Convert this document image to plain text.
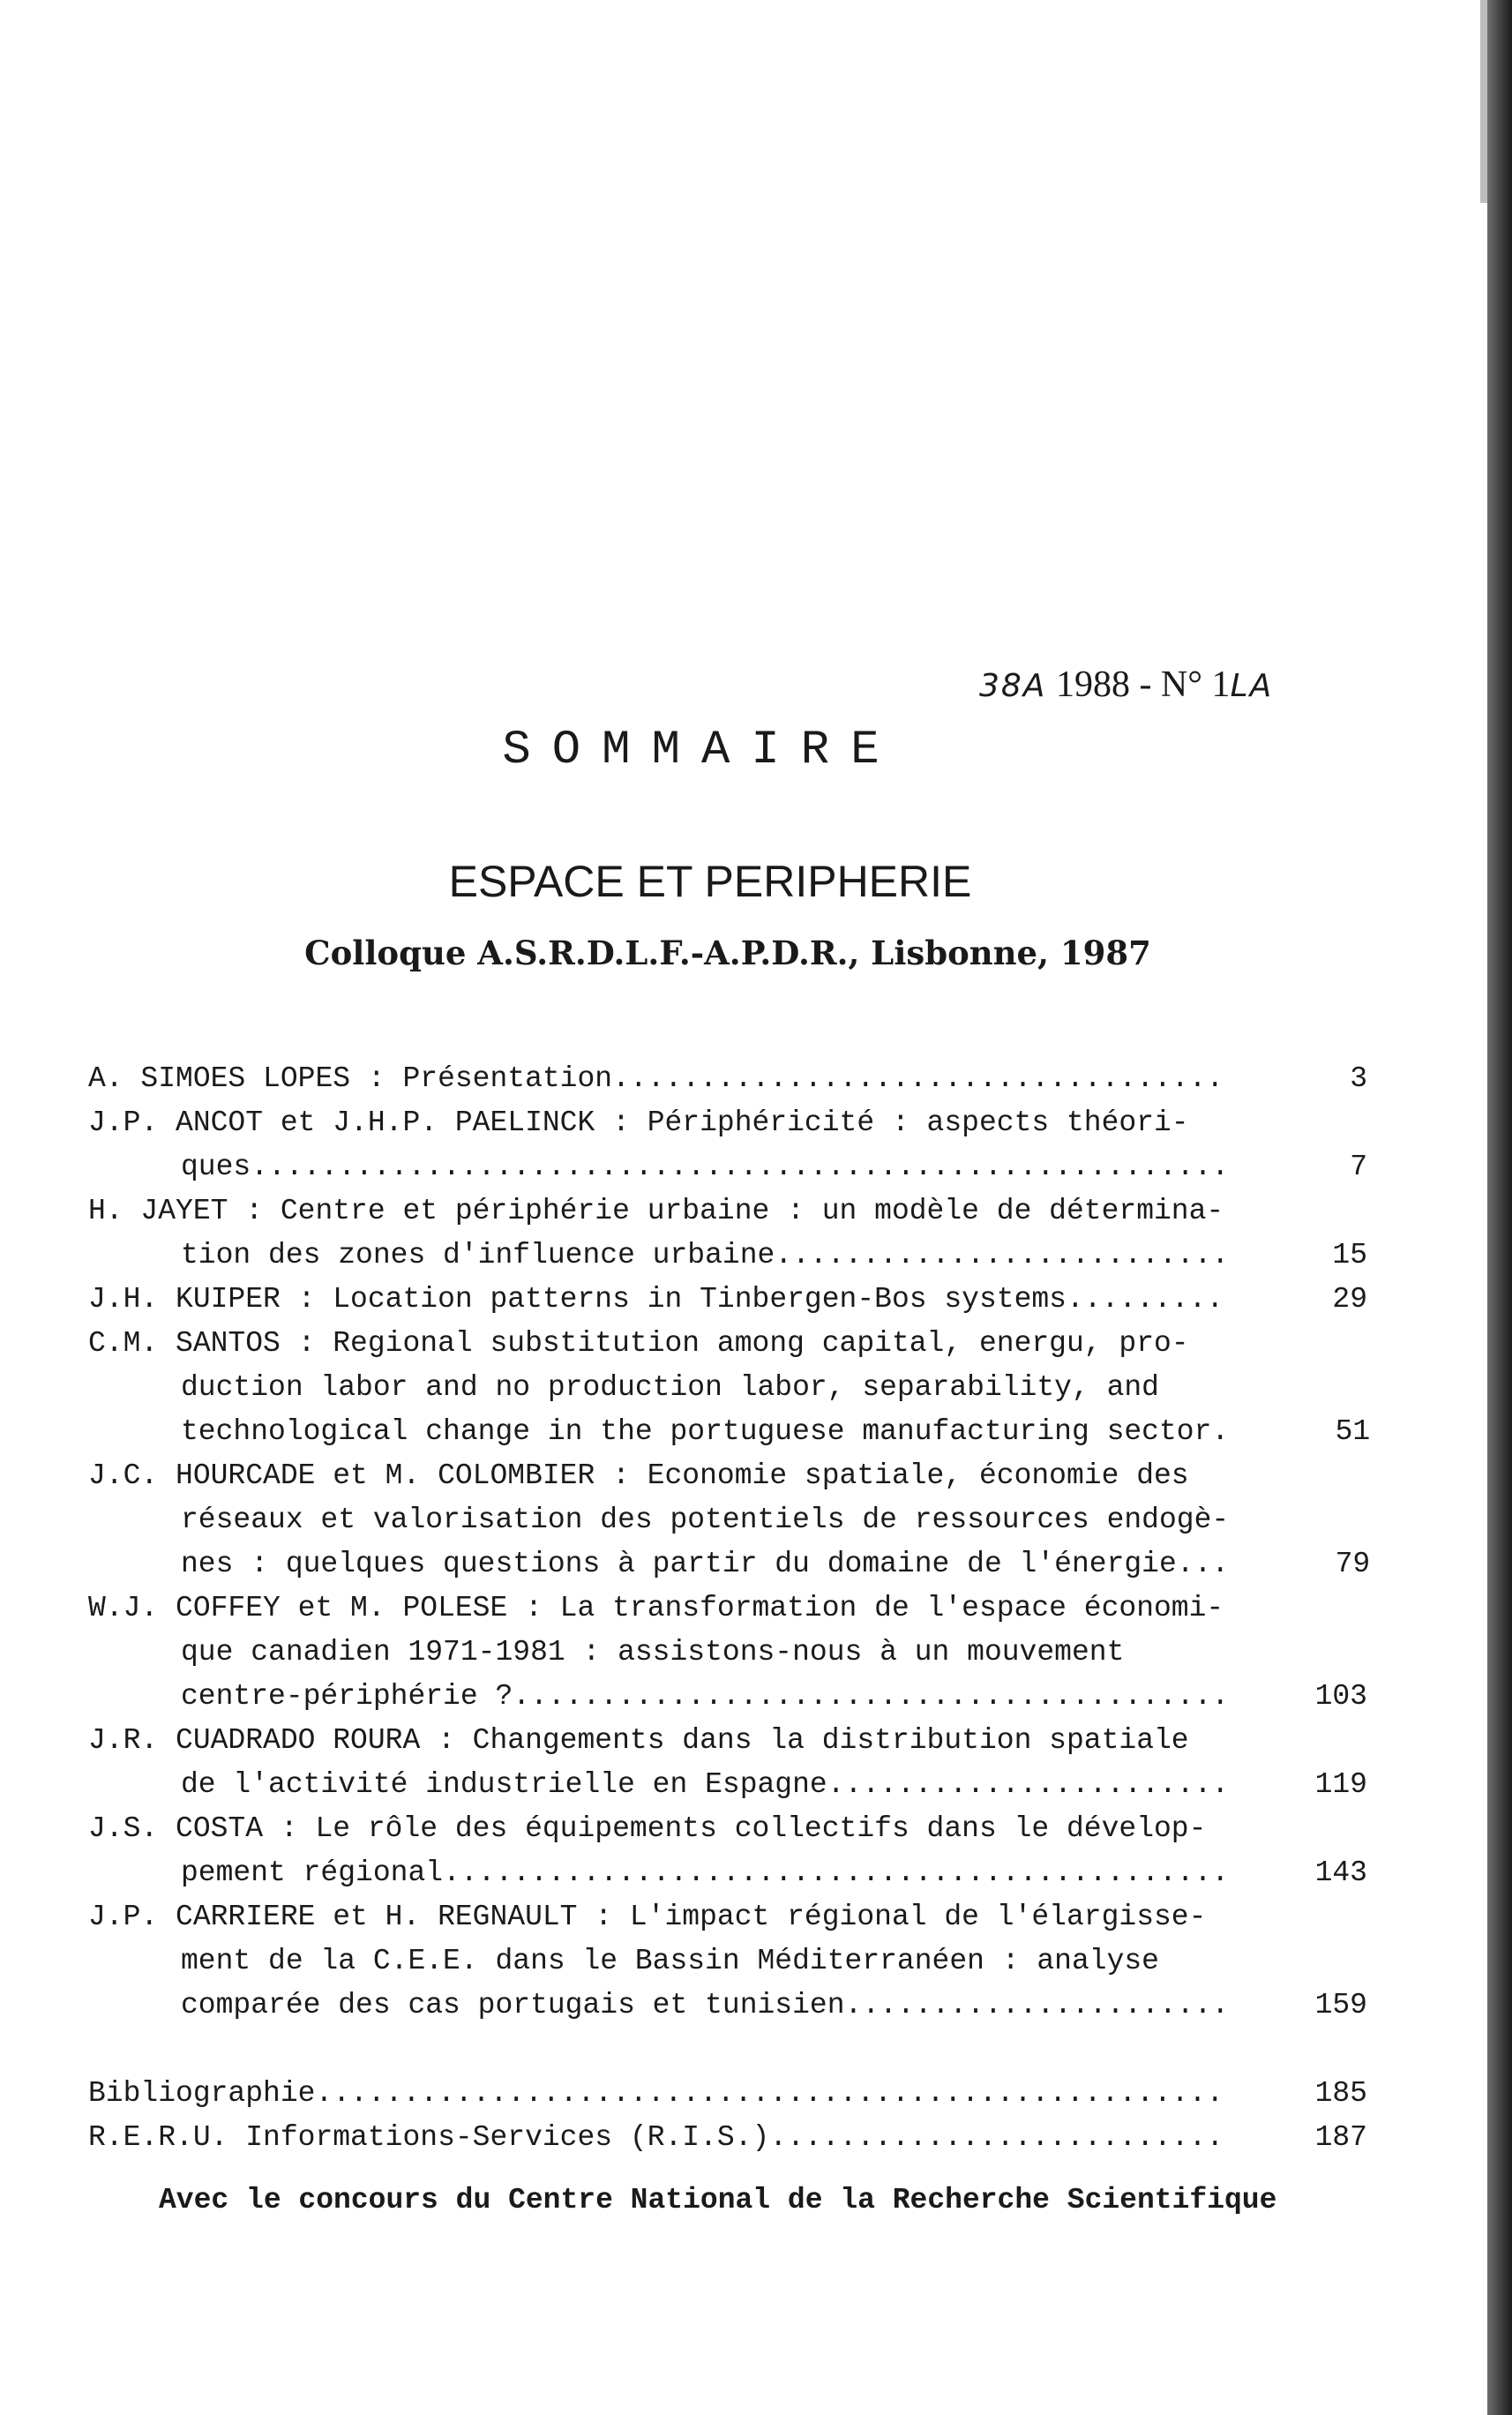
38A 1988 - N° 1LA
SOMMAIRE
ESPACE ET PERIPHERIE
Colloque A.S.R.D.L.F.-A.P.D.R., Lisbonne, 1987
A. SIMOES LOPES : Présentation .....	3
J.P. ANCOT et J.H.P. PAELINCK : Périphéricité : aspects théori-
ques .....	7
H. JAYET : Centre et périphérie urbaine : un modèle de détermina-
tion des zones d'influence urbaine .....	15
J.H. KUIPER : Location patterns in Tinbergen-Bos systems .....	29
C.M. SANTOS : Regional substitution among capital, energu, pro-
duction labor and no production labor, separability, and
technological change in the portuguese manufacturing sector.	51
J.C. HOURCADE et M. COLOMBIER : Economie spatiale, économie des
réseaux et valorisation des potentiels de ressources endogè-
nes : quelques questions à partir du domaine de l'énergie...	79
W.J. COFFEY et M. POLESE : La transformation de l'espace économi-
que canadien 1971-1981 : assistons-nous à un mouvement
centre-périphérie ? .....	103
J.R. CUADRADO ROURA : Changements dans la distribution spatiale
de l'activité industrielle en Espagne .....	119
J.S. COSTA : Le rôle des équipements collectifs dans le dévelop-
pement régional .....	143
J.P. CARRIERE et H. REGNAULT : L'impact régional de l'élargisse-
ment de la C.E.E. dans le Bassin Méditerranéen : analyse
comparée des cas portugais et tunisien .....	159
Bibliographie .....	185
R.E.R.U. Informations-Services (R.I.S.) .....	187
Avec le concours du Centre National de la Recherche Scientifique
